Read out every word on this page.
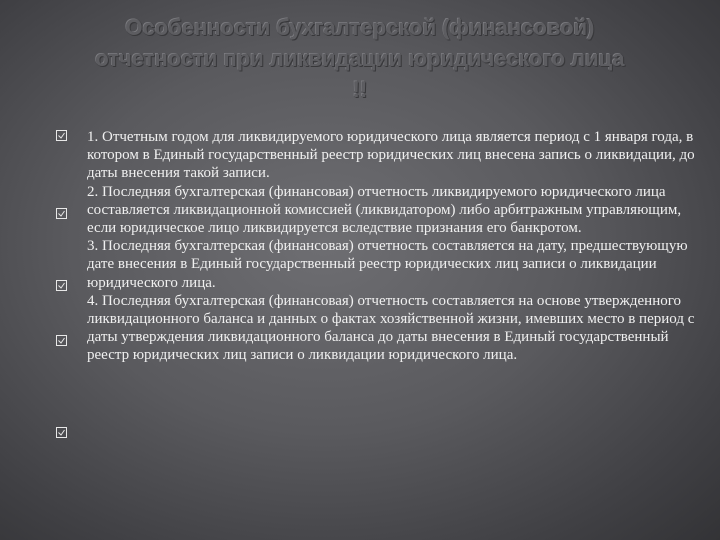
Особенности бухгалтерской (финансовой)
отчетности при ликвидации юридического лица
!!

1. Отчетным годом для ликвидируемого юридического лица является период с 1 января года, в котором в Единый государственный реестр юридических лиц внесена запись о ликвидации, до даты внесения такой записи.

2. Последняя бухгалтерская (финансовая) отчетность ликвидируемого юридического лица составляется ликвидационной комиссией (ликвидатором) либо арбитражным управляющим, если юридическое лицо ликвидируется вследствие признания его банкротом.

3. Последняя бухгалтерская (финансовая) отчетность составляется на дату, предшествующую дате внесения в Единый государственный реестр юридических лиц записи о ликвидации юридического лица.

4. Последняя бухгалтерская (финансовая) отчетность составляется на основе утвержденного ликвидационного баланса и данных о фактах хозяйственной жизни, имевших место в период с даты утверждения ликвидационного баланса до даты внесения в Единый государственный реестр юридических лиц записи о ликвидации юридического лица.
